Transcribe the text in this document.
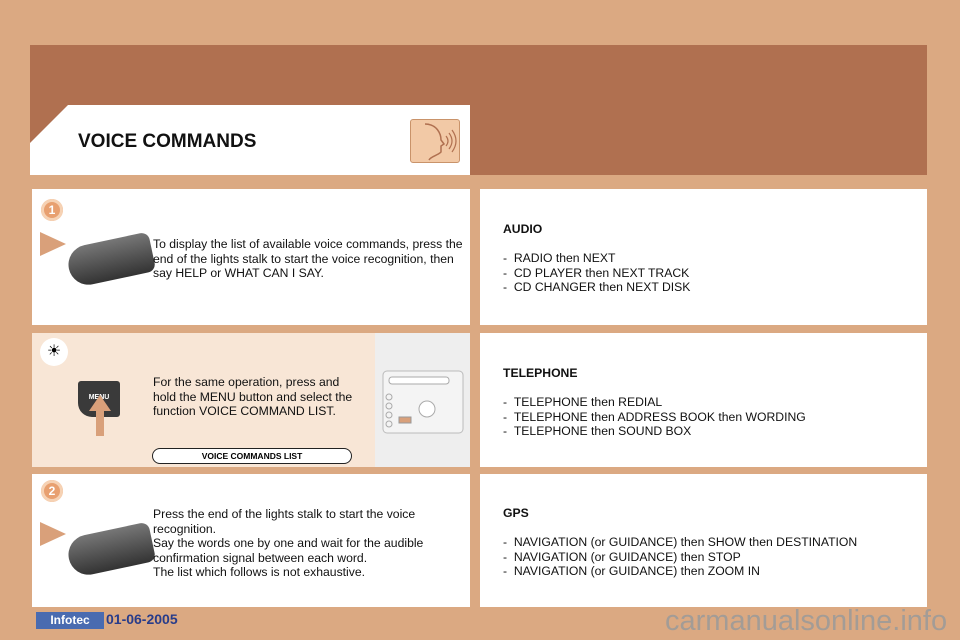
VOICE COMMANDS
1
To display the list of available voice commands, press the end of the lights stalk to start the voice recognition, then say HELP or WHAT CAN I SAY.
☀
MENU
For the same operation, press and hold the MENU button and select the function VOICE COMMAND LIST.
VOICE COMMANDS LIST
2
Press the end of the lights stalk to start the voice recognition.
Say the words one by one and wait for the audible confirmation signal between each word.
The list which follows is not exhaustive.
AUDIO

-  RADIO then NEXT
-  CD PLAYER then NEXT TRACK
-  CD CHANGER then NEXT DISK
TELEPHONE

-  TELEPHONE then REDIAL
-  TELEPHONE then ADDRESS BOOK then WORDING
-  TELEPHONE then SOUND BOX
GPS

-  NAVIGATION (or GUIDANCE) then SHOW then DESTINATION
-  NAVIGATION (or GUIDANCE) then STOP
-  NAVIGATION (or GUIDANCE) then ZOOM IN
Infotec	01-06-2005	carmanualsonline.info
